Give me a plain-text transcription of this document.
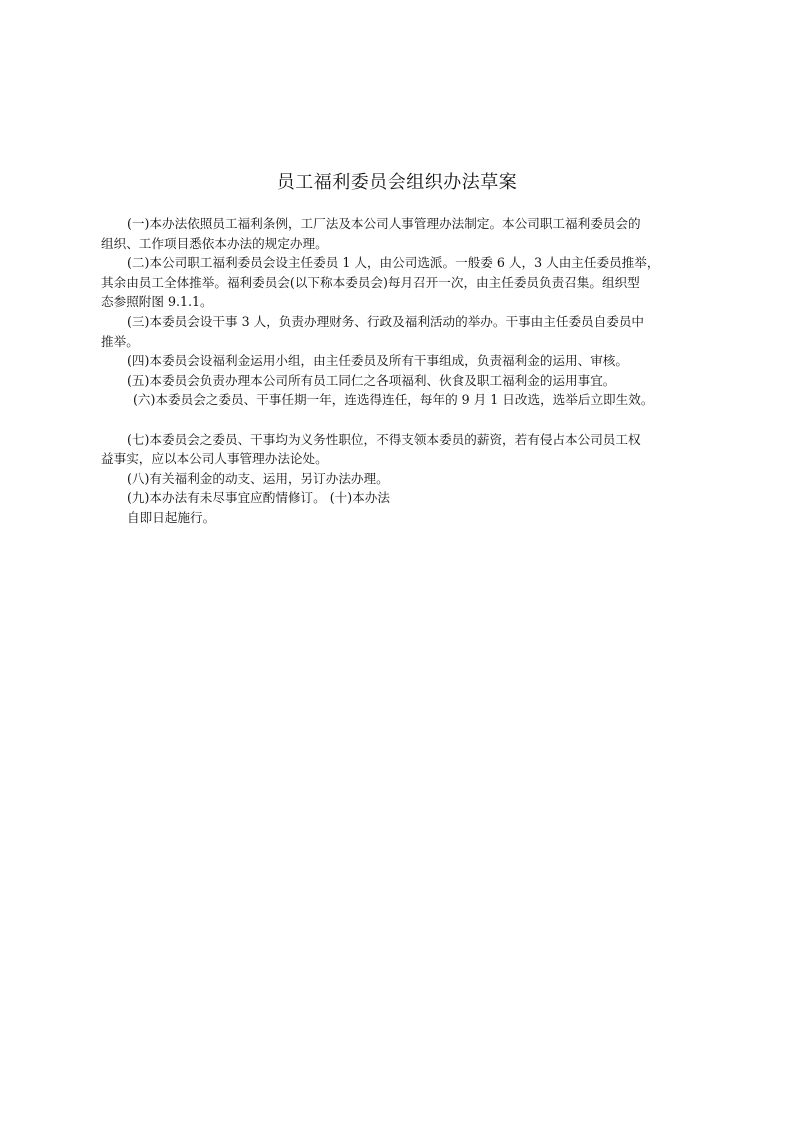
员工福利委员会组织办法草案
(一)本办法依照员工福利条例，工厂法及本公司人事管理办法制定。本公司职工福利委员会的
组织、工作项目悉依本办法的规定办理。
(二)本公司职工福利委员会设主任委员 1 人，由公司选派。一般委 6 人，3 人由主任委员推举，
其余由员工全体推举。福利委员会(以下称本委员会)每月召开一次，由主任委员负责召集。组织型
态参照附图 9.1.1。
(三)本委员会设干事 3 人，负责办理财务、行政及福利活动的举办。干事由主任委员自委员中
推举。
(四)本委员会设福利金运用小组，由主任委员及所有干事组成，负责福利金的运用、审核。
(五)本委员会负责办理本公司所有员工同仁之各项福利、伙食及职工福利金的运用事宜。
(六)本委员会之委员、干事任期一年，连选得连任，每年的 9 月 1 日改选，选举后立即生效。
(七)本委员会之委员、干事均为义务性职位，不得支领本委员的薪资，若有侵占本公司员工权
益事实，应以本公司人事管理办法论处。
(八)有关福利金的动支、运用，另订办法办理。
(九)本办法有未尽事宜应酌情修订。 (十)本办法
自即日起施行。
